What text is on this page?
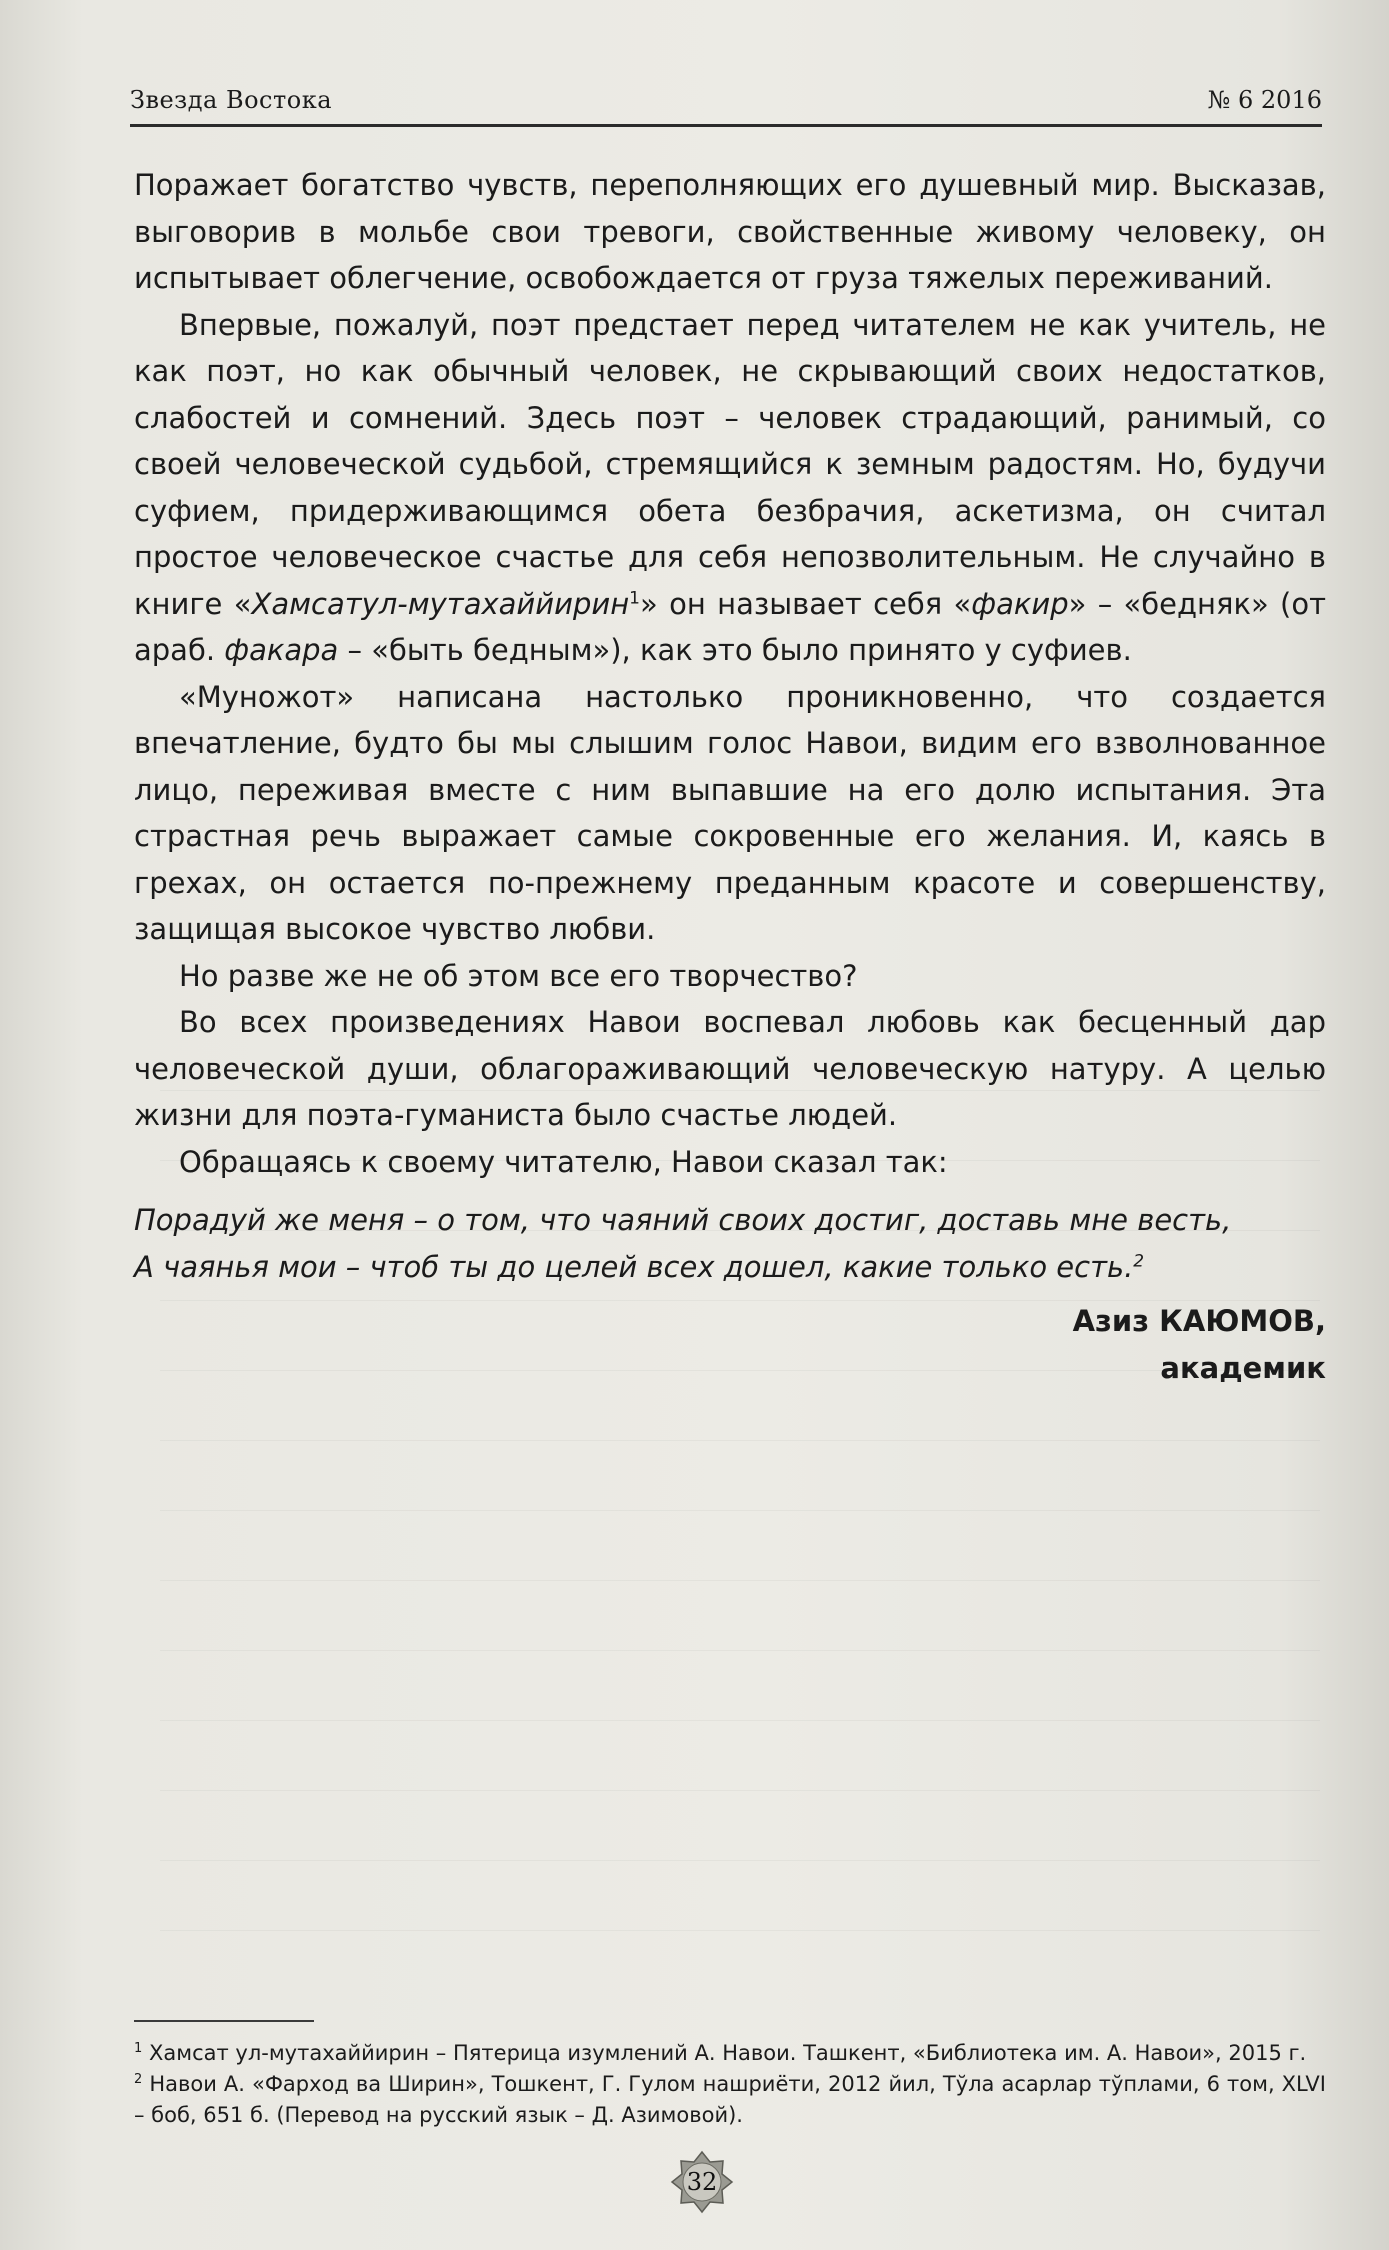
Звезда Востока	№ 6 2016

Поражает богатство чувств, переполняющих его душевный мир. Высказав, выговорив в мольбе свои тревоги, свойственные живому человеку, он испытывает облегчение, освобождается от груза тяжелых переживаний.

Впервые, пожалуй, поэт предстает перед читателем не как учитель, не как поэт, но как обычный человек, не скрывающий своих недостатков, слабостей и сомнений. Здесь поэт – человек страдающий, ранимый, со своей человеческой судьбой, стремящийся к земным радостям. Но, будучи суфием, придерживающимся обета безбрачия, аскетизма, он считал простое человеческое счастье для себя непозволительным. Не случайно в книге «Хамсатул-мутахаййирин$^1$» он называет себя «факир» – «бедняк» (от араб. факара – «быть бедным»), как это было принято у суфиев.

«Муножот» написана настолько проникновенно, что создается впечатление, будто бы мы слышим голос Навои, видим его взволнованное лицо, переживая вместе с ним выпавшие на его долю испытания. Эта страстная речь выражает самые сокровенные его желания. И, каясь в грехах, он остается по-прежнему преданным красоте и совершенству, защищая высокое чувство любви.

Но разве же не об этом все его творчество?

Во всех произведениях Навои воспевал любовь как бесценный дар человеческой души, облагораживающий человеческую натуру. А целью жизни для поэта-гуманиста было счастье людей.

Обращаясь к своему читателю, Навои сказал так:

Порадуй же меня – о том, что чаяний своих достиг, доставь мне весть,
А чаянья мои – чтоб ты до целей всех дошел, какие только есть.$^2$
Азиз КАЮМОВ,
академик

$^1$ Хамсат ул-мутахаййирин – Пятерица изумлений А. Навои. Ташкент, «Библиотека им. А. Навои», 2015 г.

$^2$ Навои А. «Фарход ва Ширин», Тошкент, Г. Гулом нашриёти, 2012 йил, Тўла асарлар тўплами, 6 том, XLVI – боб, 651 б. (Перевод на русский язык – Д. Азимовой).

32
